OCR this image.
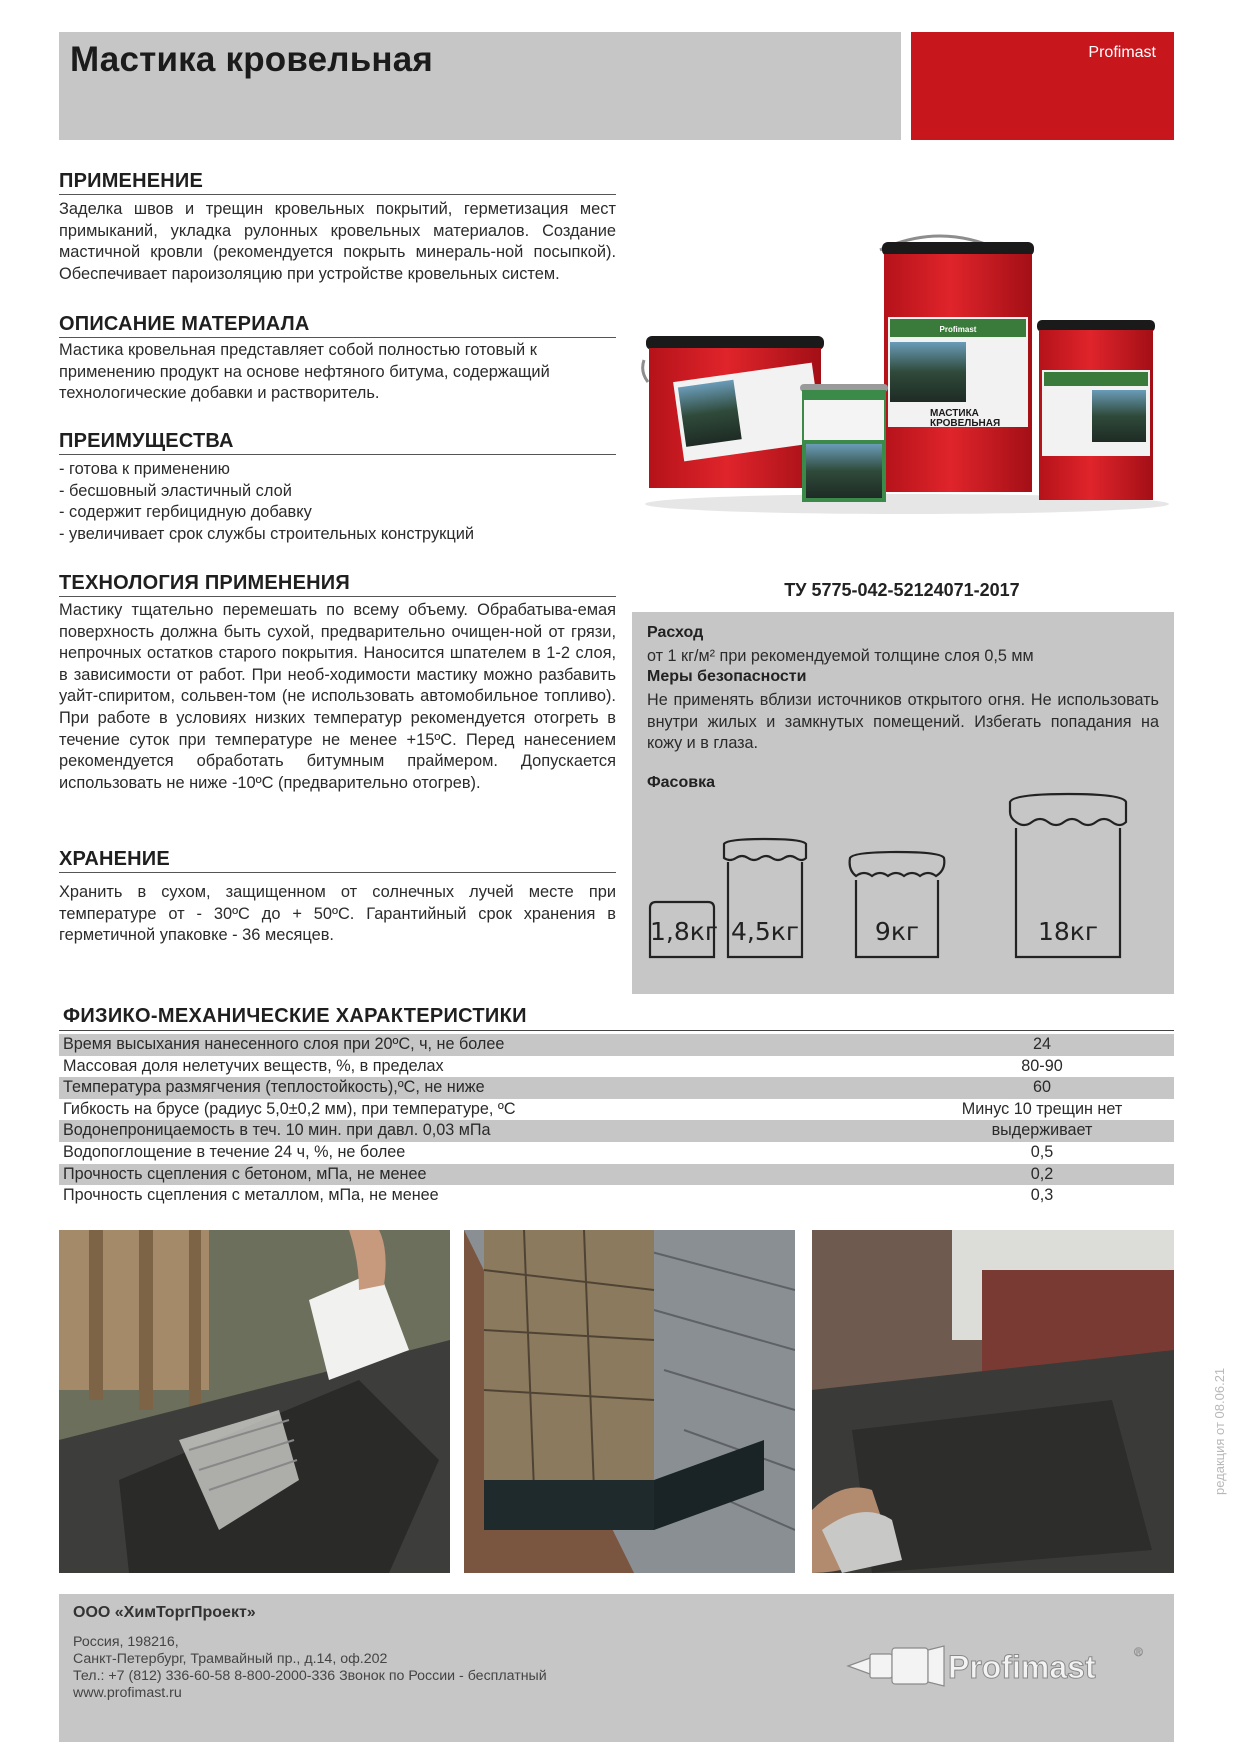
Мастика кровельная	Profimast
ПРИМЕНЕНИЕ
Заделка швов и трещин кровельных покрытий, герметизация мест примыканий, укладка рулонных кровельных материалов. Создание мастичной кровли (рекомендуется покрыть минераль-ной посыпкой). Обеспечивает пароизоляцию при устройстве кровельных систем.
ОПИСАНИЕ МАТЕРИАЛА
Мастика кровельная представляет собой полностью готовый к применению продукт на основе нефтяного битума, содержащий технологические добавки и растворитель.
ПРЕИМУЩЕСТВА
- готова к применению
- бесшовный эластичный слой
- содержит гербицидную добавку
- увеличивает срок службы строительных конструкций
ТЕХНОЛОГИЯ ПРИМЕНЕНИЯ
Мастику тщательно перемешать по всему объему. Обрабатыва-емая поверхность должна быть сухой, предварительно очищен-ной от грязи, непрочных остатков старого покрытия. Наносится шпателем в 1-2 слоя, в зависимости от работ. При необ-ходимости мастику можно разбавить уайт-спиритом, сольвен-том (не использовать автомобильное топливо). При работе в условиях низких температур рекомендуется отогреть в течение суток при температуре не менее +15ºС. Перед нанесением рекомендуется обработать битумным праймером. Допускается использовать не ниже -10ºС (предварительно отогрев).
ХРАНЕНИЕ
Хранить в сухом, защищенном от солнечных лучей месте при температуре от - 30ºС до + 50ºС. Гарантийный срок хранения в герметичной упаковке - 36 месяцев.
Profimast
МАСТИКА
КРОВЕЛЬНАЯ
ТУ 5775-042-52124071-2017
Расход
от 1 кг/м² при рекомендуемой толщине слоя 0,5 мм
Меры безопасности
Не применять вблизи источников открытого огня. Не использовать внутри жилых и замкнутых помещений. Избегать попадания на кожу и в глаза.
Фасовка
1,8кг 4,5кг	9кг	18кг
ФИЗИКО-МЕХАНИЧЕСКИЕ ХАРАКТЕРИСТИКИ
Время высыхания нанесенного слоя при 20ºС, ч, не более	24
Массовая доля нелетучих веществ, %, в пределах	80-90
Температура размягчения (теплостойкость),ºС, не ниже	60
Гибкость на брусе (радиус 5,0±0,2 мм), при температуре, ºС	Минус 10 трещин нет
Водонепроницаемость в теч. 10 мин. при давл. 0,03 мПа	выдерживает
Водопоглощение в течение 24 ч, %, не более	0,5
Прочность сцепления с бетоном, мПа, не менее	0,2
Прочность сцепления с металлом, мПа, не менее	0,3
ООО «ХимТоргПроект»
Россия, 198216,
Санкт-Петербург, Трамвайный пр., д.14, оф.202
Тел.: +7 (812) 336-60-58 8-800-2000-336 Звонок по России - бесплатный
www.profimast.ru
Profimast	®
редакция от 08.06.21
